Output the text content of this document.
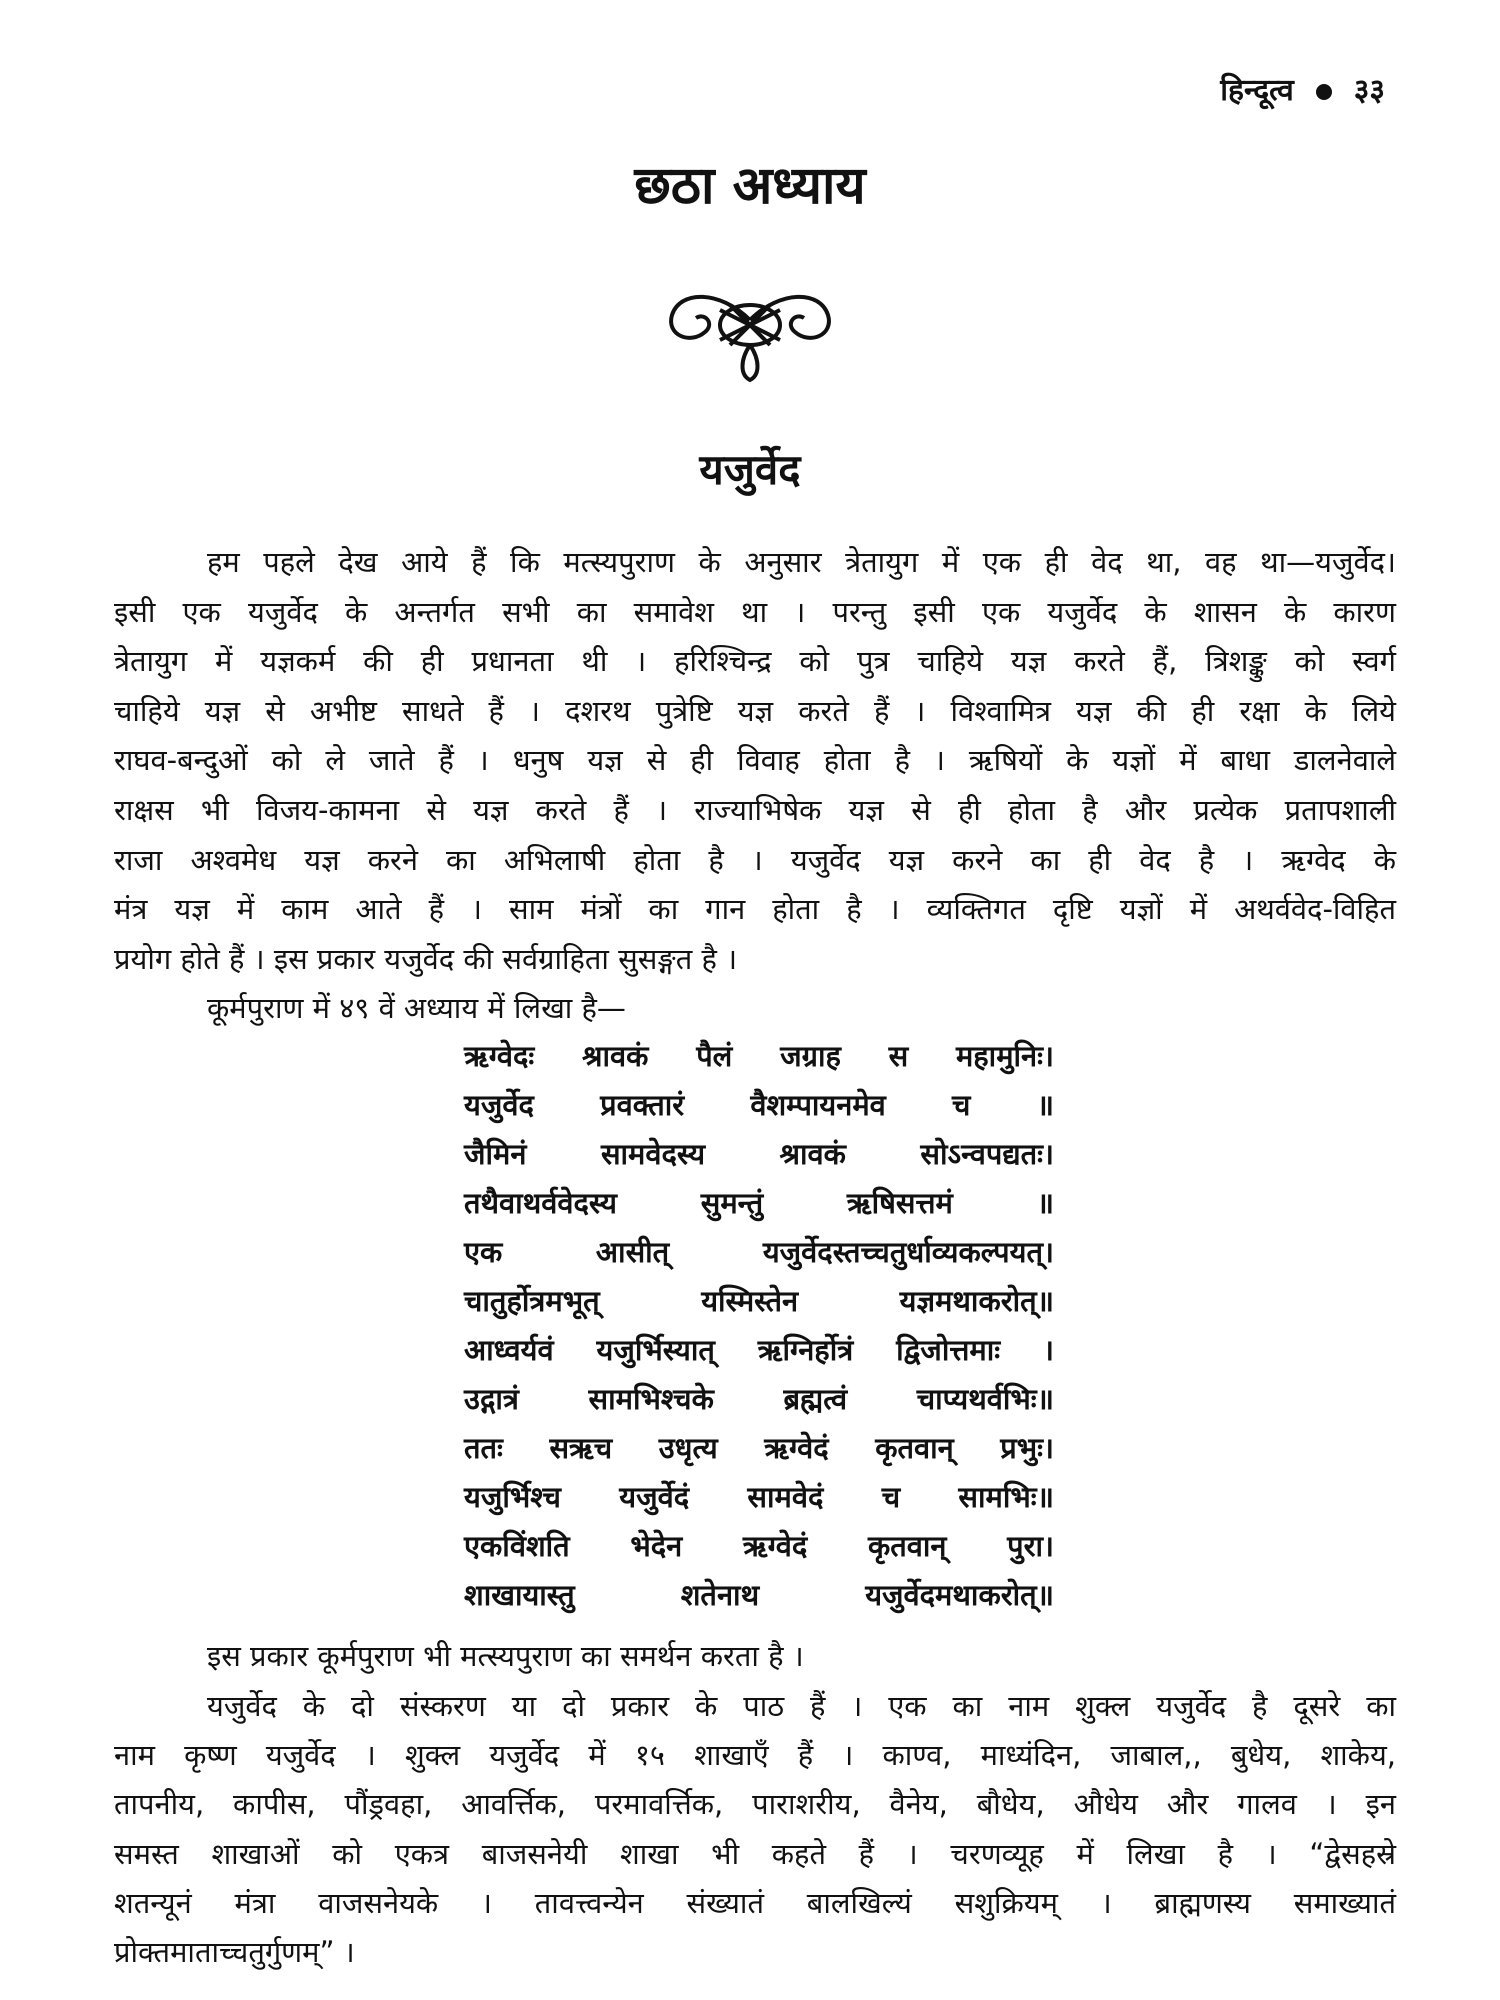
हिन्दूत्व ३३
छठा अध्याय
यजुर्वेद
हम पहले देख आये हैं कि मत्स्यपुराण के अनुसार त्रेतायुग में एक ही वेद था, वह था—यजुर्वेद।
इसी एक यजुर्वेद के अन्तर्गत सभी का समावेश था । परन्तु इसी एक यजुर्वेद के शासन के कारण
त्रेतायुग में यज्ञकर्म की ही प्रधानता थी । हरिश्चिन्द्र को पुत्र चाहिये यज्ञ करते हैं, त्रिशङ्कु को स्वर्ग
चाहिये यज्ञ से अभीष्ट साधते हैं । दशरथ पुत्रेष्टि यज्ञ करते हैं । विश्वामित्र यज्ञ की ही रक्षा के लिये
राघव-बन्दुओं को ले जाते हैं । धनुष यज्ञ से ही विवाह होता है । ऋषियों के यज्ञों में बाधा डालनेवाले
राक्षस भी विजय-कामना से यज्ञ करते हैं । राज्याभिषेक यज्ञ से ही होता है और प्रत्येक प्रतापशाली
राजा अश्वमेध यज्ञ करने का अभिलाषी होता है । यजुर्वेद यज्ञ करने का ही वेद है । ऋग्वेद के
मंत्र यज्ञ में काम आते हैं । साम मंत्रों का गान होता है । व्यक्तिगत दृष्टि यज्ञों में अथर्ववेद-विहित
प्रयोग होते हैं । इस प्रकार यजुर्वेद की सर्वग्राहिता सुसङ्गत है ।
कूर्मपुराण में ४९ वें अध्याय में लिखा है—
ऋग्वेदः श्रावकं पैलं जग्राह स महामुनिः।
यजुर्वेद प्रवक्तारं वैशम्पायनमेव च ॥
जैमिनं सामवेदस्य श्रावकं सोऽन्वपद्यतः।
तथैवाथर्ववेदस्य सुमन्तुं ऋषिसत्तमं ॥
एक आसीत् यजुर्वेदस्तच्चतुर्धाव्यकल्पयत्।
चातुर्होत्रमभूत् यस्मिस्तेन यज्ञमथाकरोत्॥
आध्वर्यवं यजुर्भिस्यात् ऋग्निर्होत्रं द्विजोत्तमाः ।
उद्गात्रं सामभिश्चके ब्रह्मत्वं चाप्यथर्वभिः॥
ततः सऋच उधृत्य ऋग्वेदं कृतवान् प्रभुः।
यजुर्भिश्च यजुर्वेदं सामवेदं च सामभिः॥
एकविंशति भेदेन ऋग्वेदं कृतवान् पुरा।
शाखायास्तु शतेनाथ यजुर्वेदमथाकरोत्॥
इस प्रकार कूर्मपुराण भी मत्स्यपुराण का समर्थन करता है ।
यजुर्वेद के दो संस्करण या दो प्रकार के पाठ हैं । एक का नाम शुक्ल यजुर्वेद है दूसरे का
नाम कृष्ण यजुर्वेद । शुक्ल यजुर्वेद में १५ शाखाएँ हैं । काण्व, माध्यंदिन, जाबाल,, बुधेय, शाकेय,
तापनीय, कापीस, पौंड्रवहा, आवर्त्तिक, परमावर्त्तिक, पाराशरीय, वैनेय, बौधेय, औधेय और गालव । इन
समस्त शाखाओं को एकत्र बाजसनेयी शाखा भी कहते हैं । चरणव्यूह में लिखा है । “द्वेसहस्रे
शतन्यूनं मंत्रा वाजसनेयके । तावत्त्वन्येन संख्यातं बालखिल्यं सशुक्रियम् । ब्राह्मणस्य समाख्यातं
प्रोक्तमाताच्चतुर्गुणम्” ।
